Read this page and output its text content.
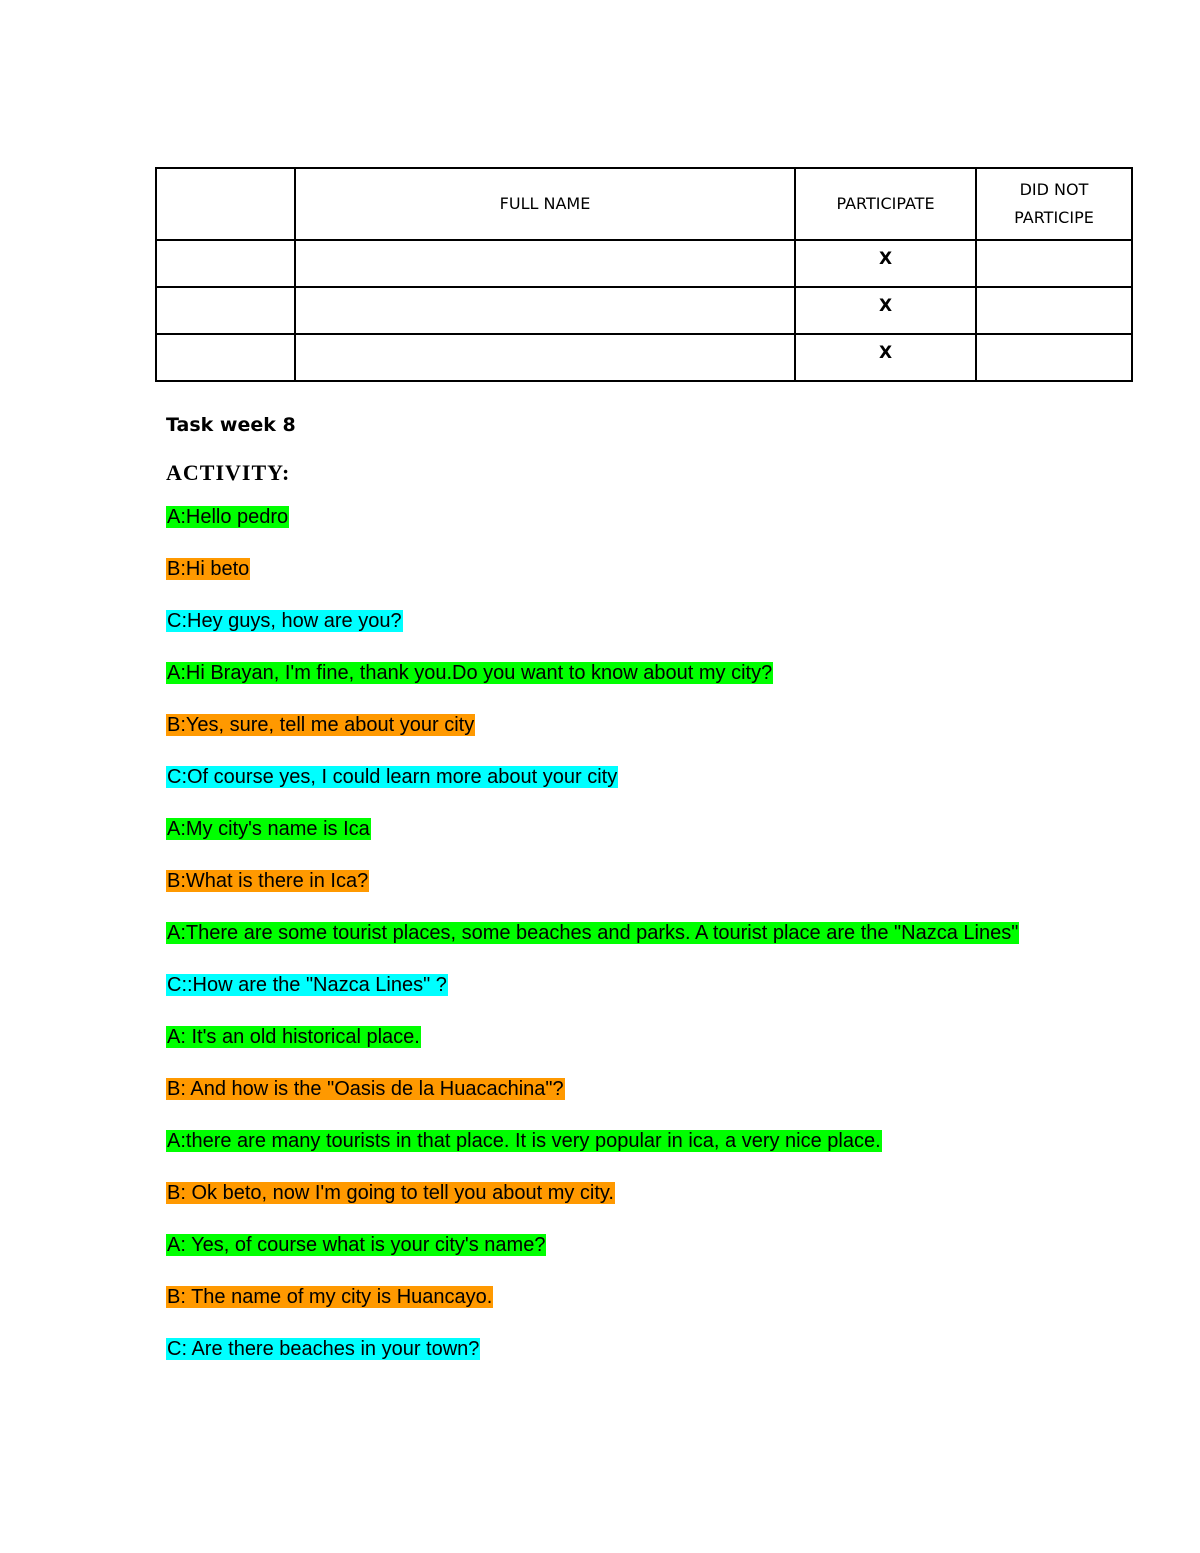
	FULL NAME	PARTICIPATE	DID NOT
PARTICIPE
		X	
		X	
		X	
Task week 8
ACTIVITY:
A:Hello pedro
B:Hi beto
C:Hey guys, how are you?
A:Hi Brayan, I'm fine, thank you.Do you want to know about my city?
B:Yes, sure, tell me about your city
C:Of course yes, I could learn more about your city
A:My city's name is Ica
B:What is there in Ica?
A:There are some tourist places, some beaches and parks. A tourist place are the "Nazca Lines"
C::How are the "Nazca Lines" ?
A: It's an old historical place.
B: And how is the "Oasis de la Huacachina"?
A:there are many tourists in that place. It is very popular in ica, a very nice place.
B: Ok beto, now I'm going to tell you about my city.
A: Yes, of course what is your city's name?
B: The name of my city is Huancayo.
C: Are there beaches in your town?
